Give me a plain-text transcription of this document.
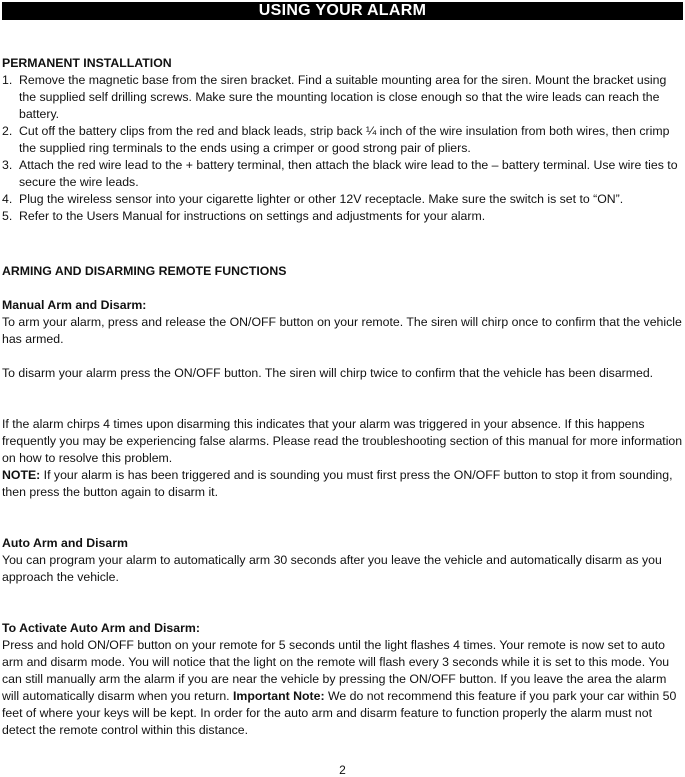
USING YOUR ALARM
PERMANENT INSTALLATION
1. Remove the magnetic base from the siren bracket. Find a suitable mounting area for the siren. Mount the bracket using the supplied self drilling screws. Make sure the mounting location is close enough so that the wire leads can reach the battery.
2. Cut off the battery clips from the red and black leads, strip back ¼ inch of the wire insulation from both wires, then crimp the supplied ring terminals to the ends using a crimper or good strong pair of pliers.
3. Attach the red wire lead to the + battery terminal, then attach the black wire lead to the – battery terminal. Use wire ties to secure the wire leads.
4. Plug the wireless sensor into your cigarette lighter or other 12V receptacle. Make sure the switch is set to “ON”.
5. Refer to the Users Manual for instructions on settings and adjustments for your alarm.
ARMING AND DISARMING REMOTE FUNCTIONS
Manual Arm and Disarm:

To arm your alarm, press and release the ON/OFF button on your remote. The siren will chirp once to confirm that the vehicle has armed.

To disarm your alarm press the ON/OFF button. The siren will chirp twice to confirm that the vehicle has been disarmed.

If the alarm chirps 4 times upon disarming this indicates that your alarm was triggered in your absence. If this happens frequently you may be experiencing false alarms. Please read the troubleshooting section of this manual for more information on how to resolve this problem.

NOTE: If your alarm is has been triggered and is sounding you must first press the ON/OFF button to stop it from sounding, then press the button again to disarm it.

Auto Arm and Disarm

You can program your alarm to automatically arm 30 seconds after you leave the vehicle and automatically disarm as you approach the vehicle.

To Activate Auto Arm and Disarm:

Press and hold ON/OFF button on your remote for 5 seconds until the light flashes 4 times. Your remote is now set to auto arm and disarm mode. You will notice that the light on the remote will flash every 3 seconds while it is set to this mode. You can still manually arm the alarm if you are near the vehicle by pressing the ON/OFF button. If you leave the area the alarm will automatically disarm when you return. Important Note: We do not recommend this feature if you park your car within 50 feet of where your keys will be kept. In order for the auto arm and disarm feature to function properly the alarm must not detect the remote control within this distance.

2
